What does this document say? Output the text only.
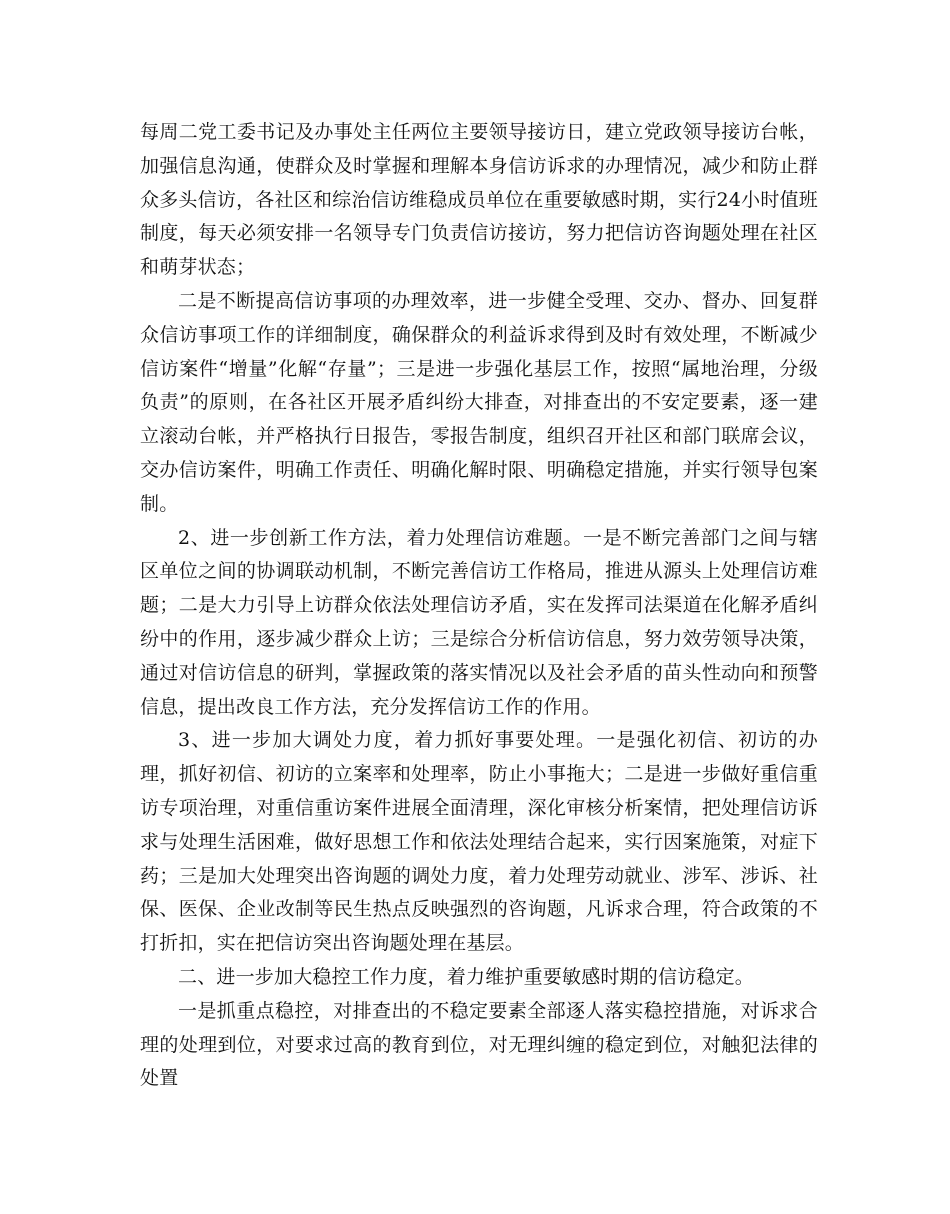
每周二党工委书记及办事处主任两位主要领导接访日，建立党政领导接访台帐，加强信息沟通，使群众及时掌握和理解本身信访诉求的办理情况，减少和防止群众多头信访，各社区和综治信访维稳成员单位在重要敏感时期，实行24小时值班制度，每天必须安排一名领导专门负责信访接访，努力把信访咨询题处理在社区和萌芽状态；

二是不断提高信访事项的办理效率，进一步健全受理、交办、督办、回复群众信访事项工作的详细制度，确保群众的利益诉求得到及时有效处理，不断减少信访案件“增量”化解“存量”；三是进一步强化基层工作，按照“属地治理，分级负责”的原则，在各社区开展矛盾纠纷大排查，对排查出的不安定要素，逐一建立滚动台帐，并严格执行日报告，零报告制度，组织召开社区和部门联席会议，交办信访案件，明确工作责任、明确化解时限、明确稳定措施，并实行领导包案制。

2、进一步创新工作方法，着力处理信访难题。一是不断完善部门之间与辖区单位之间的协调联动机制，不断完善信访工作格局，推进从源头上处理信访难题；二是大力引导上访群众依法处理信访矛盾，实在发挥司法渠道在化解矛盾纠纷中的作用，逐步减少群众上访；三是综合分析信访信息，努力效劳领导决策，通过对信访信息的研判，掌握政策的落实情况以及社会矛盾的苗头性动向和预警信息，提出改良工作方法，充分发挥信访工作的作用。

3、进一步加大调处力度，着力抓好事要处理。一是强化初信、初访的办理，抓好初信、初访的立案率和处理率，防止小事拖大；二是进一步做好重信重访专项治理，对重信重访案件进展全面清理，深化审核分析案情，把处理信访诉求与处理生活困难，做好思想工作和依法处理结合起来，实行因案施策，对症下药；三是加大处理突出咨询题的调处力度，着力处理劳动就业、涉军、涉诉、社保、医保、企业改制等民生热点反映强烈的咨询题，凡诉求合理，符合政策的不打折扣，实在把信访突出咨询题处理在基层。

二、进一步加大稳控工作力度，着力维护重要敏感时期的信访稳定。

一是抓重点稳控，对排查出的不稳定要素全部逐人落实稳控措施，对诉求合理的处理到位，对要求过高的教育到位，对无理纠缠的稳定到位，对触犯法律的处置
